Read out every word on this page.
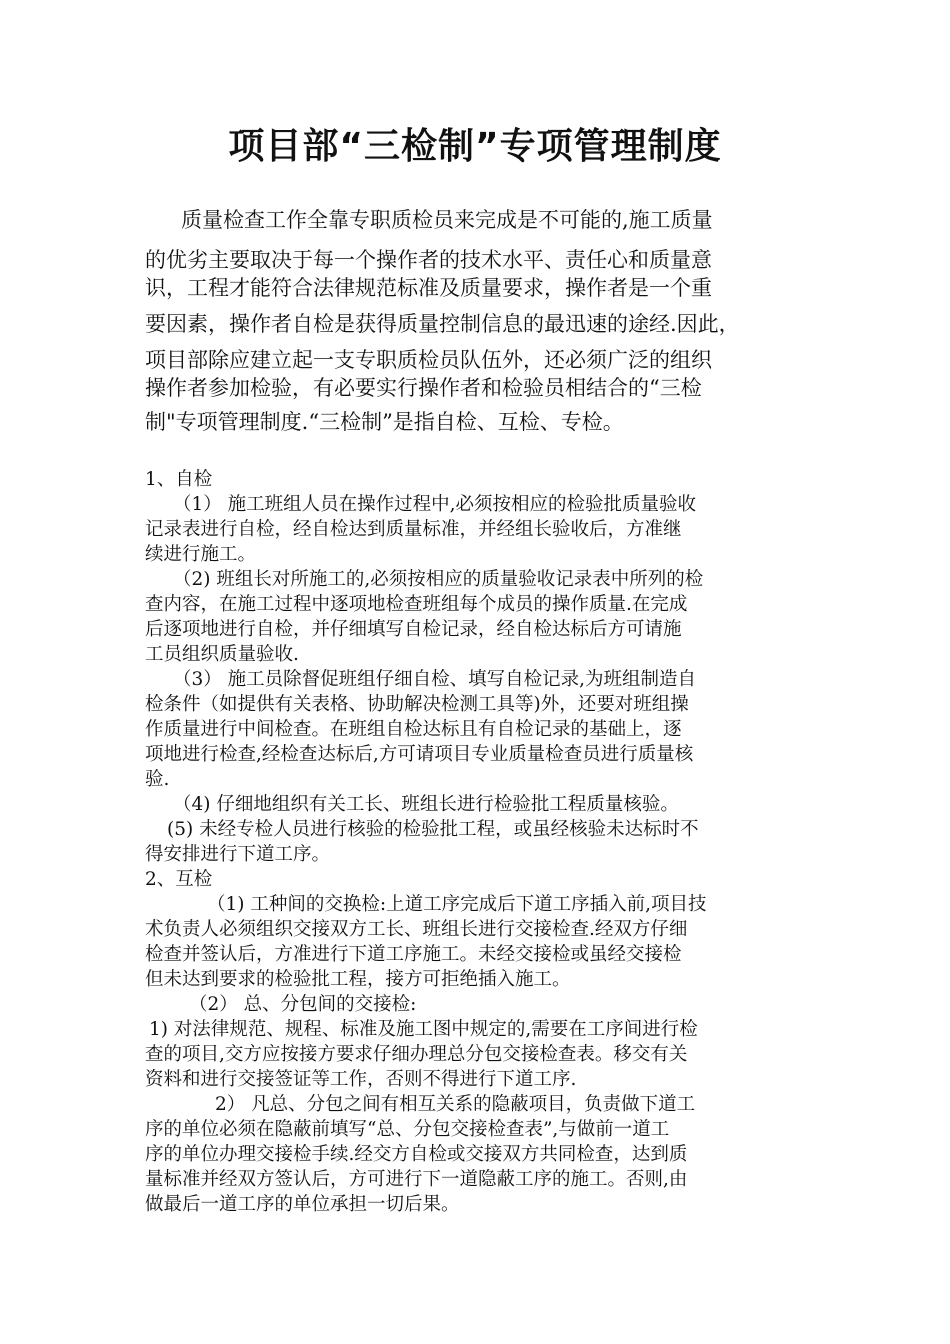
项目部“三检制”专项管理制度
质量检查工作全靠专职质检员来完成是不可能的,施工质量
的优劣主要取决于每一个操作者的技术水平、责任心和质量意
识，工程才能符合法律规范标准及质量要求，操作者是一个重
要因素，操作者自检是获得质量控制信息的最迅速的途经.因此，
项目部除应建立起一支专职质检员队伍外，还必须广泛的组织
操作者参加检验，有必要实行操作者和检验员相结合的“三检
制"专项管理制度.“三检制”是指自检、互检、专检。
1、自检
（1） 施工班组人员在操作过程中,必须按相应的检验批质量验收
记录表进行自检，经自检达到质量标准，并经组长验收后，方准继
续进行施工。
（2) 班组长对所施工的,必须按相应的质量验收记录表中所列的检
查内容，在施工过程中逐项地检查班组每个成员的操作质量.在完成
后逐项地进行自检，并仔细填写自检记录，经自检达标后方可请施
工员组织质量验收.
（3） 施工员除督促班组仔细自检、填写自检记录,为班组制造自
检条件（如提供有关表格、协助解决检测工具等)外，还要对班组操
作质量进行中间检查。在班组自检达标且有自检记录的基础上，逐
项地进行检查,经检查达标后,方可请项目专业质量检查员进行质量核
验.
（4) 仔细地组织有关工长、班组长进行检验批工程质量核验。
(5) 未经专检人员进行核验的检验批工程，或虽经核验未达标时不
得安排进行下道工序。
2、互检
（1) 工种间的交换检:上道工序完成后下道工序插入前,项目技
术负责人必须组织交接双方工长、班组长进行交接检查.经双方仔细
检查并签认后，方准进行下道工序施工。未经交接检或虽经交接检
但未达到要求的检验批工程，接方可拒绝插入施工。
（2） 总、分包间的交接检:
1) 对法律规范、规程、标准及施工图中规定的,需要在工序间进行检
查的项目,交方应按接方要求仔细办理总分包交接检查表。移交有关
资料和进行交接签证等工作，否则不得进行下道工序.
2） 凡总、分包之间有相互关系的隐蔽项目，负责做下道工
序的单位必须在隐蔽前填写“总、分包交接检查表”,与做前一道工
序的单位办理交接检手续.经交方自检或交接双方共同检查，达到质
量标准并经双方签认后，方可进行下一道隐蔽工序的施工。否则,由
做最后一道工序的单位承担一切后果。
